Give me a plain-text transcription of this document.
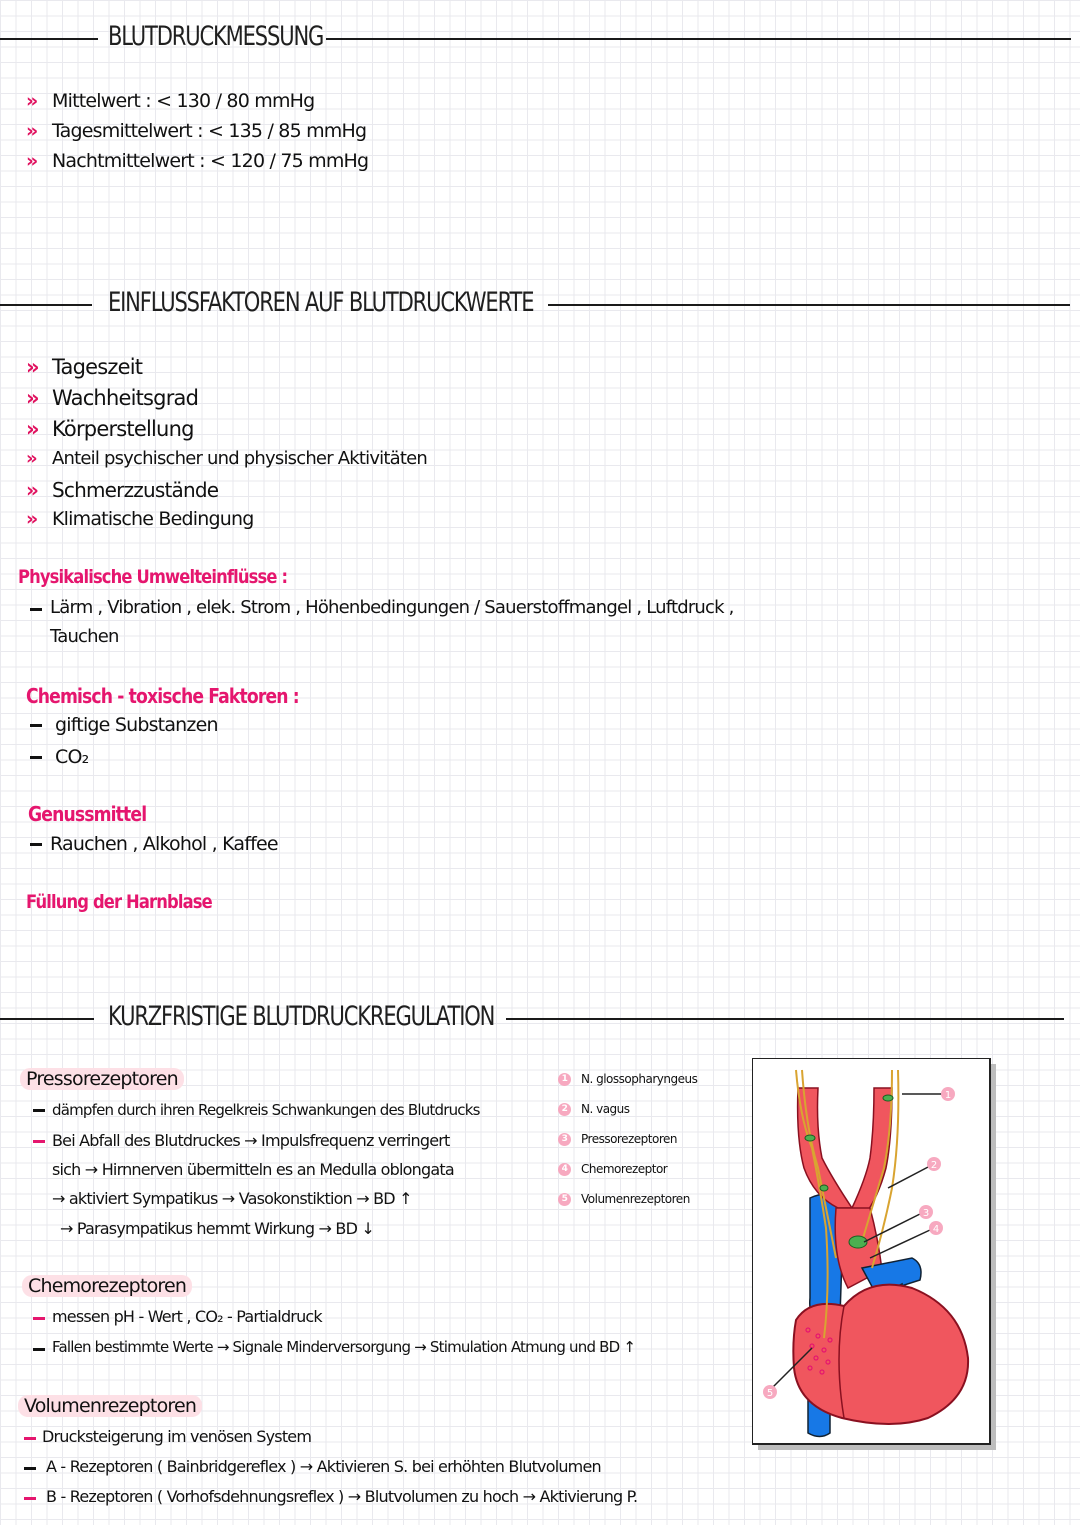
BLUTDRUCKMESSUNG
» Mittelwert : < 130 / 80 mmHg
» Tagesmittelwert : < 135 / 85 mmHg
» Nachtmittelwert : < 120 / 75 mmHg
EINFLUSSFAKTOREN AUF BLUTDRUCKWERTE
» Tageszeit
» Wachheitsgrad
» Körperstellung
» Anteil psychischer und physischer Aktivitäten
» Schmerzzustände
» Klimatische Bedingung
Physikalische Umwelteinflüsse :
Lärm , Vibration , elek. Strom , Höhenbedingungen / Sauerstoffmangel , Luftdruck ,
Tauchen
Chemisch - toxische Faktoren :
giftige Substanzen
CO₂
Genussmittel
Rauchen , Alkohol , Kaffee
Füllung der Harnblase
KURZFRISTIGE BLUTDRUCKREGULATION
Pressorezeptoren
dämpfen durch ihren Regelkreis Schwankungen des Blutdrucks
Bei Abfall des Blutdruckes → Impulsfrequenz verringert
sich → Hirnnerven übermitteln es an Medulla oblongata
→ aktiviert Sympatikus → Vasokonstiktion → BD ↑
→ Parasympatikus hemmt Wirkung → BD ↓
Chemorezeptoren
messen pH - Wert , CO₂ - Partialdruck
Fallen bestimmte Werte → Signale Minderversorgung → Stimulation Atmung und BD ↑
Volumenrezeptoren
Drucksteigerung im venösen System
A - Rezeptoren ( Bainbridgereflex ) → Aktivieren S. bei erhöhten Blutvolumen
B - Rezeptoren ( Vorhofsdehnungsreflex ) → Blutvolumen zu hoch → Aktivierung P.
1 N. glossopharyngeus
2 N. vagus
3 Pressorezeptoren
4 Chemorezeptor
5 Volumenrezeptoren
1
2
3
4
5
